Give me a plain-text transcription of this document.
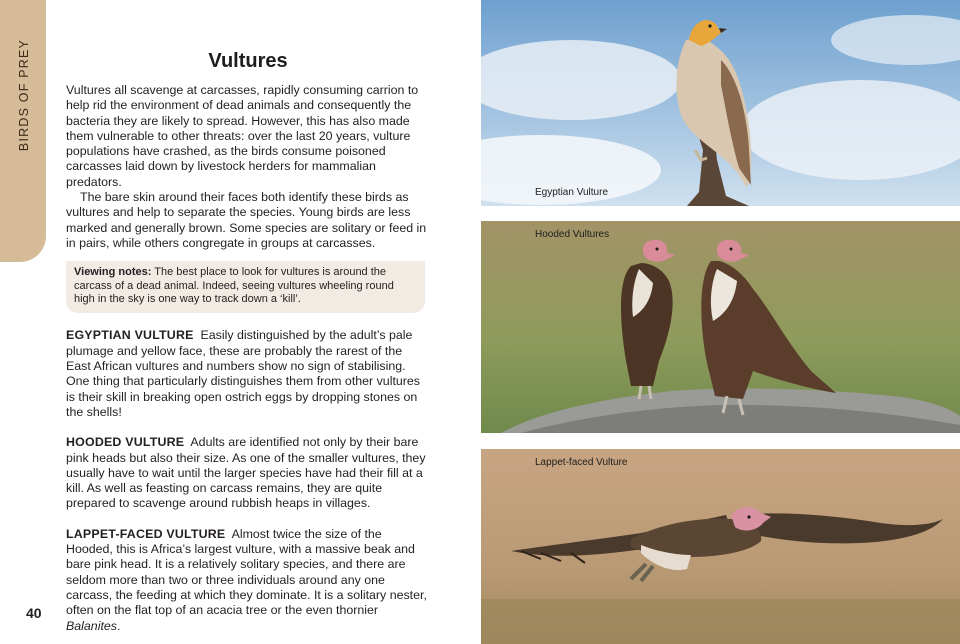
BIRDS OF PREY	Vultures

Vultures all scavenge at carcasses, rapidly consuming carrion to help rid the environment of dead animals and consequently the bacteria they are likely to spread. However, this has also made them vulnerable to other threats: over the last 20 years, vulture populations have crashed, as the birds consume poisoned carcasses laid down by livestock herders for mammalian predators.

The bare skin around their faces both identify these birds as vultures and help to separate the species. Young birds are less marked and generally brown. Some species are solitary or feed in in pairs, while others congregate in groups at carcasses.

Viewing notes: The best place to look for vultures is around the carcass of a dead animal. Indeed, seeing vultures wheeling round high in the sky is one way to track down a ‘kill’.

EGYPTIAN VULTURE Easily distinguished by the adult’s pale plumage and yellow face, these are probably the rarest of the East African vultures and numbers show no sign of stabilising. One thing that particularly distinguishes them from other vultures is their skill in breaking open ostrich eggs by dropping stones on the shells!

HOODED VULTURE Adults are identified not only by their bare pink heads but also their size. As one of the smaller vultures, they usually have to wait until the larger species have had their fill at a kill. As well as feasting on carcass remains, they are quite prepared to scavenge around rubbish heaps in villages.

LAPPET-FACED VULTURE Almost twice the size of the Hooded, this is Africa’s largest vulture, with a massive beak and bare pink head. It is a relatively solitary species, and there are seldom more than two or three individuals around any one carcass, the feeding at which they dominate. It is a solitary nester, often on the flat top of an acacia tree or the even thornier Balanites.

40
Egyptian Vulture
Hooded Vultures
Lappet-faced Vulture
